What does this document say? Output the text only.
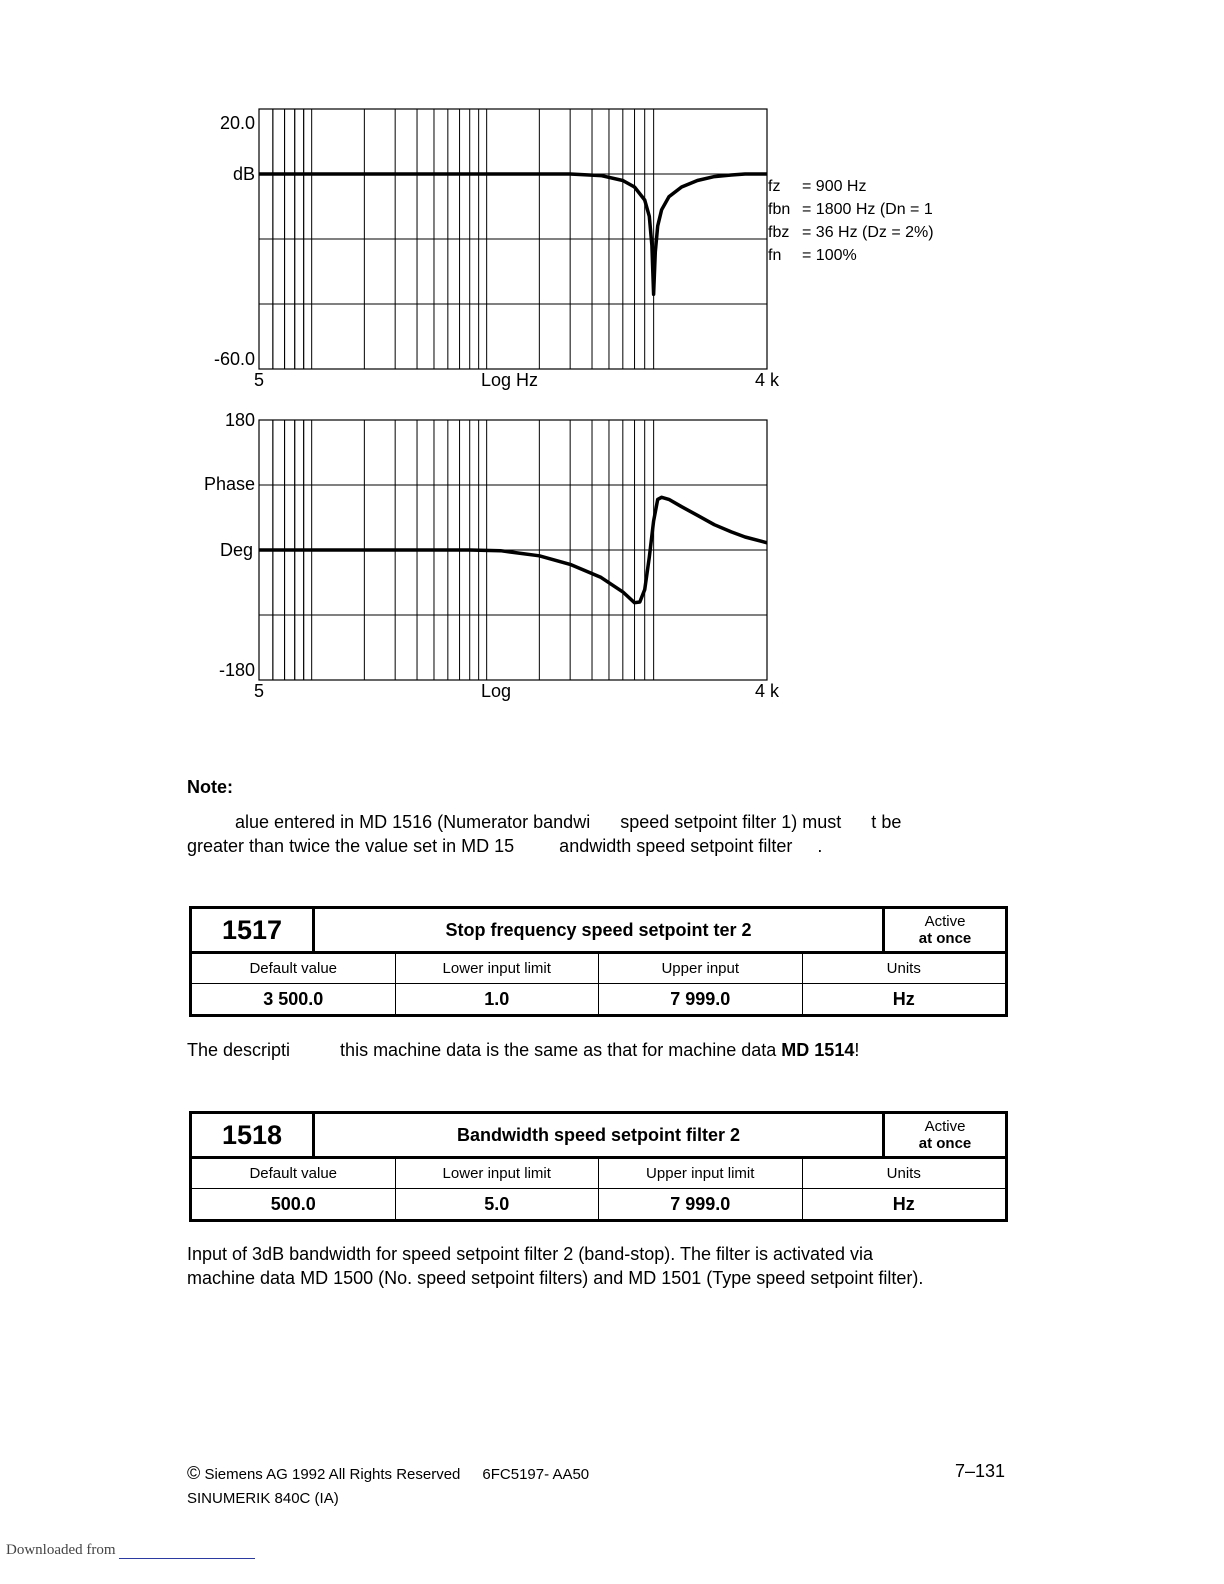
20.0
dB
-60.0
5	Log Hz	4 k
fz = 900 Hz
fbn = 1800 Hz (Dn = 1
fbz = 36 Hz (Dz = 2%)
fn = 100%
180
Phase
Deg
-180
5	Log	4 k
Note:
alue entered in MD 1516 (Numerator bandwi      speed setpoint filter 1) must      t be
greater than twice the value set in MD 15         andwidth speed setpoint filter     .
1517	Stop frequency speed setpoint ter 2	Active
at once
Default value	Lower input limit	Upper input	Units
3 500.0	1.0	7 999.0	Hz
The descripti          this machine data is the same as that for machine data MD 1514!
1518	Bandwidth speed setpoint filter 2	Active
at once
Default value	Lower input limit	Upper input limit	Units
500.0	5.0	7 999.0	Hz
Input of 3dB bandwidth for speed setpoint filter 2 (band-stop). The filter is activated via
machine data MD 1500 (No. speed setpoint filters) and MD 1501 (Type speed setpoint filter).
© Siemens AG 1992 All Rights Reserved 6FC5197- AA50	7–131
SINUMERIK 840C (IA)
Downloaded from
